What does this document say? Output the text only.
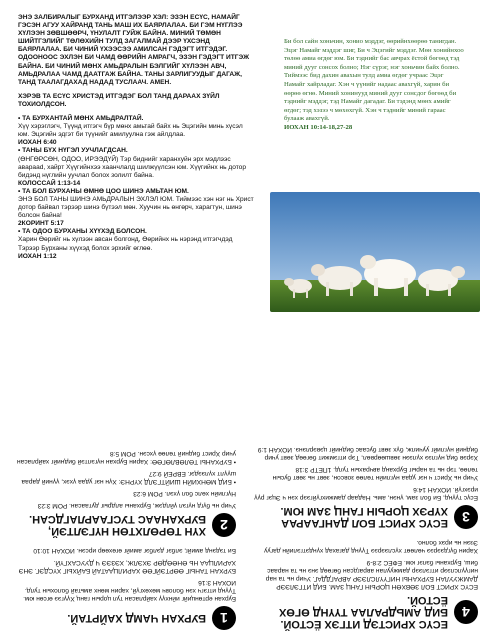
ЭНЭ ЗАЛБИРАЛЫГ БУРХАНД ИТГЭЛЭЭР ХЭЛ: ЭЗЭН ЕСҮС, НАМАЙГ ГЭСЭН АГУУ ХАЙРАНД ТАНЬ МАШ ИХ БАЯРЛАЛАА. БИ ГЭМ НҮГЛЭЭ ХҮЛЭЭН ЗӨВШӨӨРЧ, ҮНУЛАЛТ ГУЙЖ БАЙНА. МИНИЙ ТӨМӨН ШИЙТГЭЛИЙГ ТӨЛӨХИЙН ТУЛД ЗАГАЛМАЙ ДЭЭР ҮХСЭНД БАЯРЛАЛАА. БИ ЧИНИЙ ҮХЭЭСЭЭ АМИЛСАН ГЭДЭГТ ИТГЭДЭГ. ОДООНООС ЭХЛЭН БИ ЧАМД ӨӨРИЙН АМРАГЧ, ЭЗЭН ГЭДЭГТ ИТГЭЖ БАЙНА. БИ ЧИНИЙ МӨНХ АМЬДРАЛЫН БЭЛГИЙГ ХҮЛЭЭН АВЧ, АМЬДРАЛАА ЧАМД ДААТГАЖ БАЙНА. ТАНЫ ЗАРЛИГУУДЫГ ДАГАЖ, ТАНД ТААЛАГДАХАД НАДАД ТУСЛААЧ. АМЕН.

ХЭРЭВ ТА ЕСҮС ХРИСТЭД ИТГЭДЭГ БОЛ ТАНД ДАРААХ ЗҮЙЛ ТОХИОЛДСОН.

• ТА БУРХАНТАЙ МӨНХ АМЬДРАЛТАЙ.
Хүү хэрэглэгч, Түүнд итгэгч бүр мөнх амьтай байх нь Эцэгийн минь хүсэл юм. Эцэгийн эдгэт би түүнийг амилуулна гэж айлдлаа.
ИОХАН 6:40
• ТАНЫ БҮХ НҮГЭЛ УУЧЛАГДСАН.
(ӨНГӨРСӨН, ОДОО, ИРЭЭДҮЙ) Тэр биднийг харанхуйн эрх мэдлээс аварааd, хайрт Хүүгийнхээ хаанчлалд шилжүүлсэн юм. Хүүгийнх нь дотор бидэнд нүглийн уучлал болох золилт байна.
КОЛОССАЙ 1:13-14
• ТА БОЛ БУРХАНЫ ӨМНӨ ЦОО ШИНЭ АМЬТАН ЮМ.
ЭНЭ БОЛ ТАНЫ ШИНЭ АМЬДРАЛЫН ЭХЛЭЛ ЮМ. Тиймээс хэн нэг нь Христ дотор байвал тэрээр шинэ бүтээл мөн. Хуучин нь өнгөрч, харагтун, шинэ болсон байна!
2КОРИНТ 5:17
• ТА ОДОО БУРХАНЫ ХҮҮХЭД БОЛСОН.
Харин Өөрийг нь хүлээн авсан болгонд, Өөрийнх нь нэрэнд итгэгчдэд Тэрээр Бурханы хүүхэд болох эрхийг өглөө.
ИОХАН 1:12
Би бол сайн хоньчин, хонио мэддэг, өөрийнхөөрөө танигдан. Эцэг Намайг мэддэг шиг, Би ч Эцэгийг мэддэг. Мөн хонийнхоо төлөө амиа өгдөг юм. Би тэднийг бас авчрах ёстой бөгөөд тэд миний дууг сонсох болно; Нэг сүрэг, нэг хоньчин байх болно. Тиймээс бид дахин авахын тулд амиа өгдөг учраас Эцэг Намайг хайрладаг. Хэн ч үүнийг надаас авахгүй, харин би өөрөө өгнө. Миний хонинууд миний дууг сонсдог бөгөөд би тэднийг мэддэг, тэд Намайг дагадаг. Би тэдэнд мөнх амийг өгдөг; тэд хэзээ ч мөхөхгүй. Хэн ч тэднийг миний гараас булааж авахгүй.
ИОХАН 10:14-18,27-28
4
ЕСҮС ХРИСТЭД ИТГЭХ ЁСТОЙ.
БИД АМЬДРАЛАА ТҮҮНД ӨГӨХ ЁСТОЙ.

ЕСҮС ХРИСТ БОЛ ЗӨВХӨН ЦОРЫН ГАНЦ ЗАМ. БИД ИТГЭЛЭЭР ДАМЖУУЛАН БУРХАНЫ НИГҮҮЛСЛЭЭР АВРАГДДАГ. Учир нь та нар нигүүлслээр итгэлээр дамжуулан аврагдсан бөгөөд энэ нь та нараас биш, Бурханы бэлэг юм. ЕФЕС 2:8-9

Харин бүгдээрээ чөлөөт хүслээрээ Түүнд дагахад хүндэтгэлийн дагуу Эзэн нь ирэх болно.

3
ЕСҮС ХРИСТ БОЛ ДАНГААРАА
ХҮРЭХ ЦОРЫН ГАНЦ ЗАМ ЮМ.

Есүс түүнд, Би бол зам, үнэн, амь. Надаар дамжихгүйгээр хэн ч Эцэг рүү ирэхгүй. ИОХАН 14:6

Учир нь Христ ч нэг удаа нүглийн төлөө зовсон, зөвт нь зөвт бусын төлөө, тэр нь та нарыг Бурханд авчрахын тулд. 1ПЕТР 3:18

Хэрэв бид нүглээ хүлээн зөвшөөрвөл, Тэр итгэмжит бөгөөд зөвт учир бидний нүглийг уучилж, бүх зөвт бусаас биднийг цэвэрлэнэ. ИОХАН 1:9

1
БУРХАН ЧАМД ХАЙРТАЙ.

Бурхан ертөнцийг ийнхүү хайрласан тул цорын ганц Хүүгээ өгсөн юм. Түүнд итгэгч хэн боловч мөхөхгүй, харин мөнх амьтай болохын тулд. ИОХАН 3:16

БУРХАН ТАНЫГ ӨӨРТЭЙГӨӨ ХАРИЛЦААТАЙ БАЙХЫГ ХҮСДЭГ. ЭНЭ ХАРИЛЦАА НЬ ӨНӨӨДӨР ЭХЭЛЖ, ХЭЗЭЭ Ч ДУУСАХГҮЙ.

Би тэдэнд амийг, элбэг дэлбэг амийг өгөхөөр ирсэн. ИОХАН 10:10

2
ХҮН ТӨРӨЛХТӨН НҮГЭЛТЭЙ,
БУРХАНААС ТУСГААРЛАГДСАН.

Учир нь бүгд нүгэл үйлдэж, Бурханы алдрыг дутаасан. РОМ 3:23

Нүглийн хөлс бол үхэл. РОМ 6:23

• БИД МӨНХИЙН ШИЙТГЭЛД ХҮРНЭ: Хүн нэг удаа үхэх, үүний дараа шүүлт хүлээдэг. ЕВРЕЙ 9:27

• БУРХАНЫ ТӨЛӨВЛӨГӨӨ: Харин Бурхан нүгэлтэй биднийг хайрласан учир Христ бидний төлөө үхсэн. РОМ 5:8
